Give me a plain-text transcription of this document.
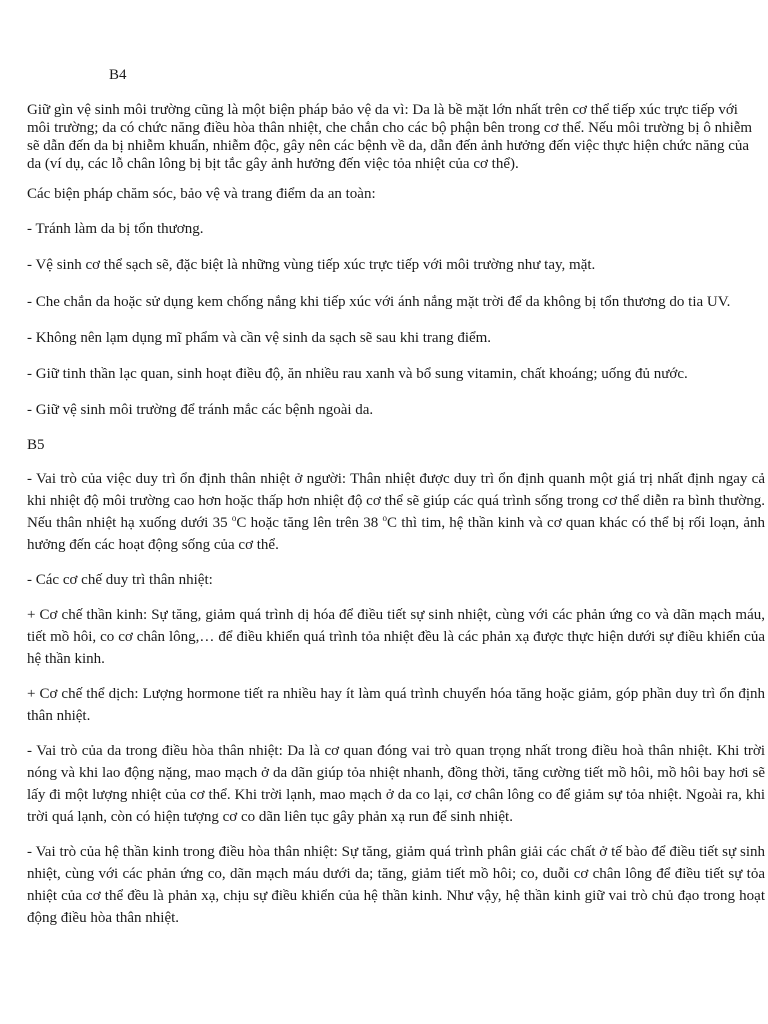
B4

Giữ gìn vệ sinh môi trường cũng là một biện pháp bảo vệ da vì: Da là bề mặt lớn nhất trên cơ thể tiếp xúc trực tiếp với môi trường; da có chức năng điều hòa thân nhiệt, che chắn cho các bộ phận bên trong cơ thể. Nếu môi trường bị ô nhiễm sẽ dẫn đến da bị nhiễm khuẩn, nhiễm độc, gây nên các bệnh về da, dẫn đến ảnh hưởng đến việc thực hiện chức năng của da (ví dụ, các lỗ chân lông bị bịt tắc gây ảnh hưởng đến việc tỏa nhiệt của cơ thể).

Các biện pháp chăm sóc, bảo vệ và trang điểm da an toàn:

- Tránh làm da bị tổn thương.

- Vệ sinh cơ thể sạch sẽ, đặc biệt là những vùng tiếp xúc trực tiếp với môi trường như tay, mặt.

- Che chắn da hoặc sử dụng kem chống nắng khi tiếp xúc với ánh nắng mặt trời để da không bị tổn thương do tia UV.

- Không nên lạm dụng mĩ phẩm và cần vệ sinh da sạch sẽ sau khi trang điểm.

- Giữ tinh thần lạc quan, sinh hoạt điều độ, ăn nhiều rau xanh và bổ sung vitamin, chất khoáng; uống đủ nước.

- Giữ vệ sinh môi trường để tránh mắc các bệnh ngoài da.

B5

- Vai trò của việc duy trì ổn định thân nhiệt ở người: Thân nhiệt được duy trì ổn định quanh một giá trị nhất định ngay cả khi nhiệt độ môi trường cao hơn hoặc thấp hơn nhiệt độ cơ thể sẽ giúp các quá trình sống trong cơ thể diễn ra bình thường. Nếu thân nhiệt hạ xuống dưới 35 $^o$C hoặc tăng lên trên 38 $^o$C thì tim, hệ thần kinh và cơ quan khác có thể bị rối loạn, ảnh hưởng đến các hoạt động sống của cơ thể.

- Các cơ chế duy trì thân nhiệt:

+ Cơ chế thần kinh: Sự tăng, giảm quá trình dị hóa để điều tiết sự sinh nhiệt, cùng với các phản ứng co và dãn mạch máu, tiết mồ hôi, co cơ chân lông,… để điều khiển quá trình tỏa nhiệt đều là các phản xạ được thực hiện dưới sự điều khiển của hệ thần kinh.

+ Cơ chế thể dịch: Lượng hormone tiết ra nhiều hay ít làm quá trình chuyển hóa tăng hoặc giảm, góp phần duy trì ổn định thân nhiệt.

- Vai trò của da trong điều hòa thân nhiệt: Da là cơ quan đóng vai trò quan trọng nhất trong điều hoà thân nhiệt. Khi trời nóng và khi lao động nặng, mao mạch ở da dãn giúp tỏa nhiệt nhanh, đồng thời, tăng cường tiết mồ hôi, mồ hôi bay hơi sẽ lấy đi một lượng nhiệt của cơ thể. Khi trời lạnh, mao mạch ở da co lại, cơ chân lông co để giảm sự tỏa nhiệt. Ngoài ra, khi trời quá lạnh, còn có hiện tượng cơ co dãn liên tục gây phản xạ run để sinh nhiệt.

- Vai trò của hệ thần kinh trong điều hòa thân nhiệt: Sự tăng, giảm quá trình phân giải các chất ở tế bào để điều tiết sự sinh nhiệt, cùng với các phản ứng co, dãn mạch máu dưới da; tăng, giảm tiết mồ hôi; co, duỗi cơ chân lông để điều tiết sự tỏa nhiệt của cơ thể đều là phản xạ, chịu sự điều khiển của hệ thần kinh. Như vậy, hệ thần kinh giữ vai trò chủ đạo trong hoạt động điều hòa thân nhiệt.
